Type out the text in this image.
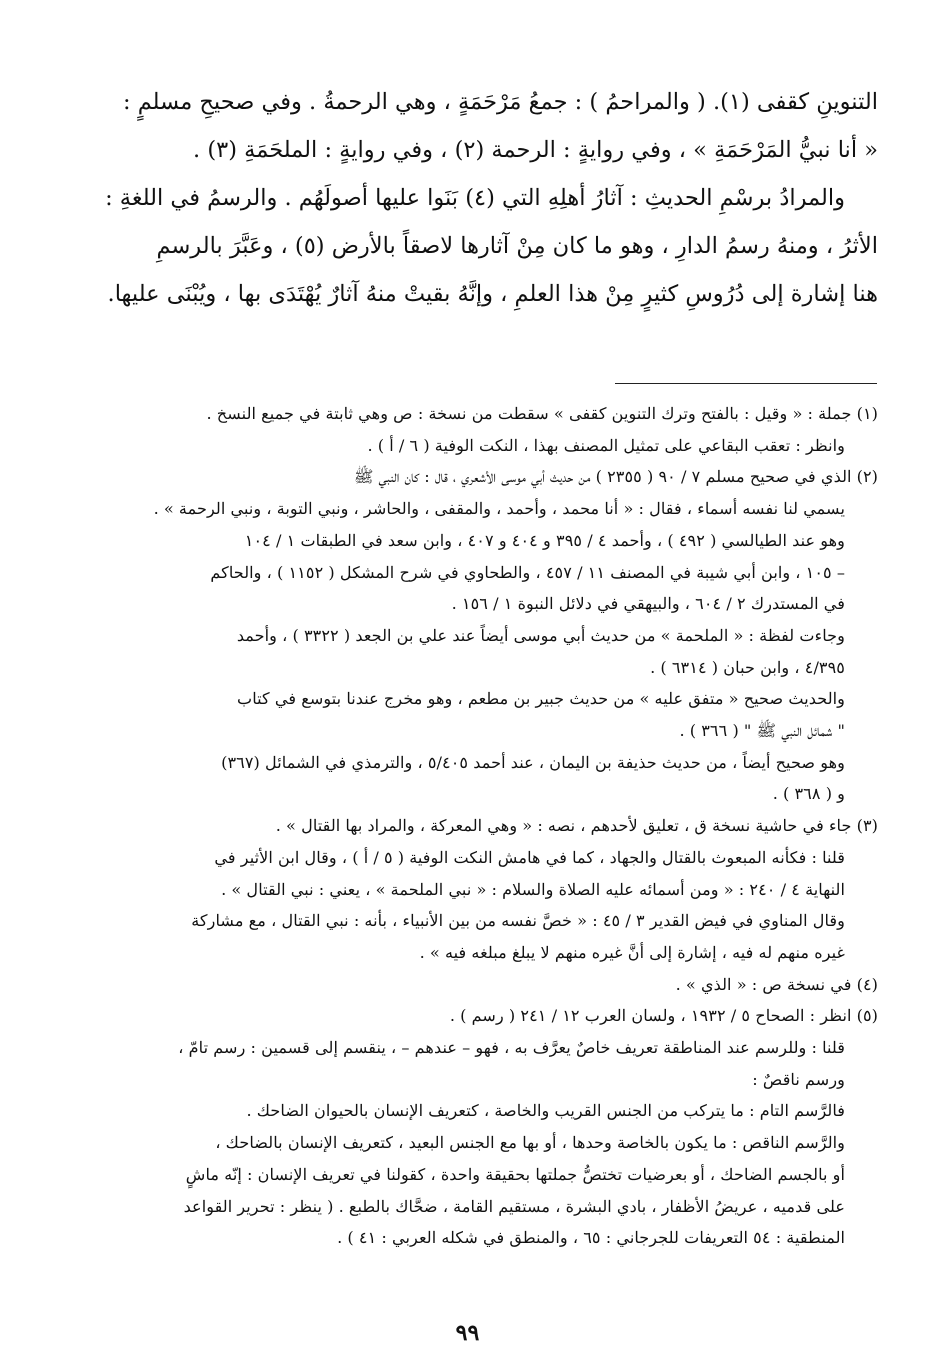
التنوينِ كقفى (١). ( والمراحمُ ) : جمعُ مَرْحَمَةٍ ، وهي الرحمةُ . وفي صحيحِ مسلمٍ :

« أنا نبيُّ المَرْحَمَةِ » ، وفي روايةٍ : الرحمة (٢) ، وفي روايةٍ : الملحَمَةِ (٣) .

والمرادُ برسْمِ الحديثِ : آثارُ أهلِهِ التي (٤) بَنَوا عليها أصولَهُم . والرسمُ في اللغةِ :

الأثرُ ، ومنهُ رسمُ الدارِ ، وهو ما كان مِنْ آثارها لاصقاً بالأرض (٥) ، وعَبَّرَ بالرسمِ

هنا إشارة إلى دُرُوسِ كثيرٍ مِنْ هذا العلمِ ، وإنَّهُ بقيتْ منهُ آثارٌ يُهْتَدَى بها ، ويُبْنَى عليها.

(١) جملة : « وقيل : بالفتح وترك التنوين كقفى » سقطت من نسخة : ص وهي ثابتة في جميع النسخ .

وانظر : تعقب البقاعي على تمثيل المصنف بهذا ، النكت الوفية ( ٦ / أ ) .

(٢) الذي في صحيح مسلم ٧ / ٩٠ ( ٢٣٥٥ ) من حديث أبي موسى الأشعري ، قال : كان النبي ﷺ

يسمي لنا نفسه أسماء ، فقال : « أنا محمد ، وأحمد ، والمقفى ، والحاشر ، ونبي التوبة ، ونبي الرحمة » .

وهو عند الطيالسي ( ٤٩٢ ) ، وأحمد ٤ / ٣٩٥ و ٤٠٤ و ٤٠٧ ، وابن سعد في الطبقات ١ / ١٠٤

– ١٠٥ ، وابن أبي شيبة في المصنف ١١ / ٤٥٧ ، والطحاوي في شرح المشكل ( ١١٥٢ ) ، والحاكم

في المستدرك ٢ / ٦٠٤ ، والبيهقي في دلائل النبوة ١ / ١٥٦ .

وجاءت لفظة : « الملحمة » من حديث أبي موسى أيضاً عند علي بن الجعد ( ٣٣٢٢ ) ، وأحمد

٤/٣٩٥ ، وابن حبان ( ٦٣١٤ ) .

والحديث صحيح « متفق عليه » من حديث جبير بن مطعم ، وهو مخرج عندنا بتوسع في كتاب

" شمائل النبي ﷺ " ( ٣٦٦ ) .

وهو صحيح أيضاً ، من حديث حذيفة بن اليمان ، عند أحمد ٥/٤٠٥ ، والترمذي في الشمائل (٣٦٧)

و ( ٣٦٨ ) .

(٣) جاء في حاشية نسخة ق ، تعليق لأحدهم ، نصه : « وهي المعركة ، والمراد بها القتال » .

قلنا : فكأنه المبعوث بالقتال والجهاد ، كما في هامش النكت الوفية ( ٥ / أ ) ، وقال ابن الأثير في

النهاية ٤ / ٢٤٠ : « ومن أسمائه عليه الصلاة والسلام : « نبي الملحمة » ، يعني : نبي القتال » .

وقال المناوي في فيض القدير ٣ / ٤٥ : « خصَّ نفسه من بين الأنبياء ، بأنه : نبي القتال ، مع مشاركة

غيره منهم له فيه ، إشارة إلى أنَّ غيره منهم لا يبلغ مبلغه فيه » .

(٤) في نسخة ص : « الذي » .

(٥) انظر : الصحاح ٥ / ١٩٣٢ ، ولسان العرب ١٢ / ٢٤١ ( رسم ) .

قلنا : وللرسم عند المناطقة تعريف خاصٌ يعرَّف به ، فهو – عندهم – ، ينقسم إلى قسمين : رسم تامّ ،

ورسم ناقصٌ :

فالرَّسم التام : ما يتركب من الجنس القريب والخاصة ، كتعريف الإنسان بالحيوان الضاحك .

والرَّسم الناقص : ما يكون بالخاصة وحدها ، أو بها مع الجنس البعيد ، كتعريف الإنسان بالضاحك ،

أو بالجسم الضاحك ، أو بعرضيات تختصُّ جملتها بحقيقة واحدة ، كقولنا في تعريف الإنسان : إنّه ماشٍ

على قدميه ، عريضُ الأظفار ، بادي البشرة ، مستقيم القامة ، ضحَّاك بالطبع . ( ينظر : تحرير القواعد

المنطقية : ٥٤ التعريفات للجرجاني : ٦٥ ، والمنطق في شكله العربي : ٤١ ) .

٩٩
